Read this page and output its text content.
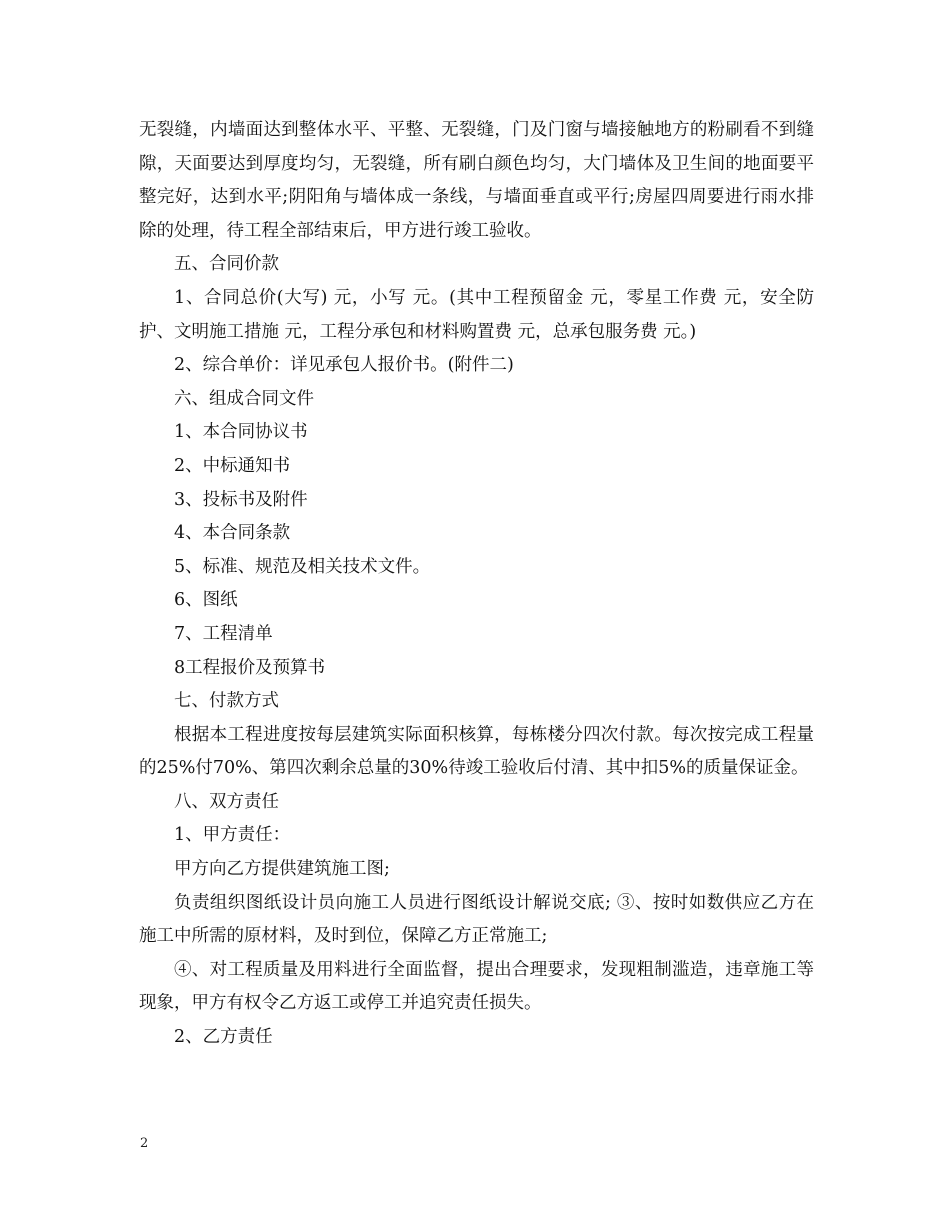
无裂缝，内墙面达到整体水平、平整、无裂缝，门及门窗与墙接触地方的粉刷看不到缝隙，天面要达到厚度均匀，无裂缝，所有刷白颜色均匀，大门墙体及卫生间的地面要平整完好，达到水平;阴阳角与墙体成一条线，与墙面垂直或平行;房屋四周要进行雨水排除的处理，待工程全部结束后，甲方进行竣工验收。

五、合同价款

1、合同总价(大写) 元，小写 元。(其中工程预留金 元，零星工作费 元，安全防护、文明施工措施 元，工程分承包和材料购置费 元，总承包服务费 元。)

2、综合单价：详见承包人报价书。(附件二)

六、组成合同文件

1、本合同协议书

2、中标通知书

3、投标书及附件

4、本合同条款

5、标准、规范及相关技术文件。

6、图纸

7、工程清单

8工程报价及预算书

七、付款方式

根据本工程进度按每层建筑实际面积核算，每栋楼分四次付款。每次按完成工程量的25%付70%、第四次剩余总量的30%待竣工验收后付清、其中扣5%的质量保证金。

八、双方责任

1、甲方责任：

甲方向乙方提供建筑施工图;

负责组织图纸设计员向施工人员进行图纸设计解说交底; ③、按时如数供应乙方在施工中所需的原材料，及时到位，保障乙方正常施工;

④、对工程质量及用料进行全面监督，提出合理要求，发现粗制滥造，违章施工等现象，甲方有权令乙方返工或停工并追究责任损失。

2、乙方责任

2
